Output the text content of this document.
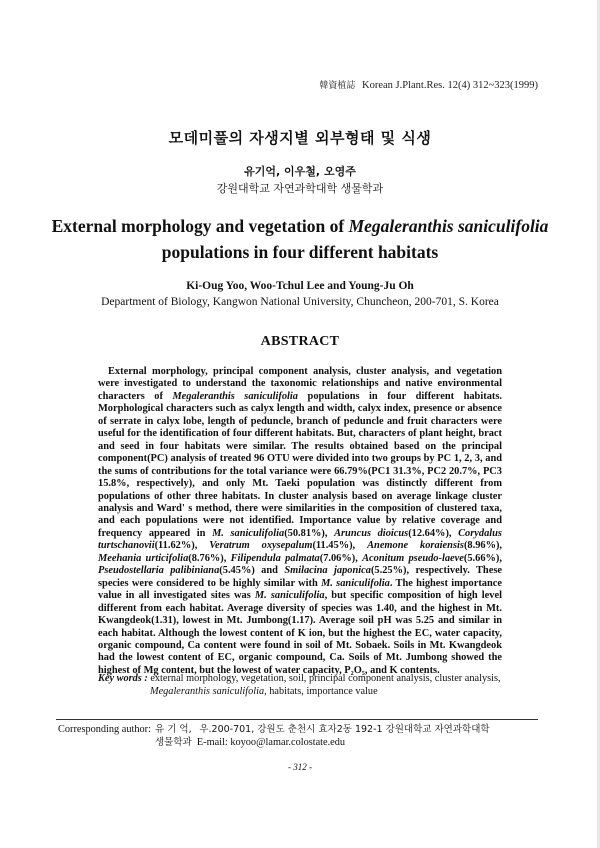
韓資植誌 Korean J.Plant.Res. 12(4) 312~323(1999)
모데미풀의 자생지별 외부형태 및 식생
유기억, 이우철, 오영주
강원대학교 자연과학대학 생물학과
External morphology and vegetation of Megaleranthis saniculifolia
populations in four different habitats
Ki-Oug Yoo, Woo-Tchul Lee and Young-Ju Oh
Department of Biology, Kangwon National University, Chuncheon, 200-701, S. Korea
ABSTRACT
External morphology, principal component analysis, cluster analysis, and vegetation were investigated to understand the taxonomic relationships and native environmental characters of Megaleranthis saniculifolia populations in four different habitats. Morphological characters such as calyx length and width, calyx index, presence or absence of serrate in calyx lobe, length of peduncle, branch of peduncle and fruit characters were useful for the identification of four different habitats. But, characters of plant height, bract and seed in four habitats were similar. The results obtained based on the principal component(PC) analysis of treated 96 OTU were divided into two groups by PC 1, 2, 3, and the sums of contributions for the total variance were 66.79%(PC1 31.3%, PC2 20.7%, PC3 15.8%, respectively), and only Mt. Taeki population was distinctly different from populations of other three habitats. In cluster analysis based on average linkage cluster analysis and Ward' s method, there were similarities in the composition of clustered taxa, and each populations were not identified. Importance value by relative coverage and frequency appeared in M. saniculifolia(50.81%), Aruncus dioicus(12.64%), Corydalus turtschanovii(11.62%), Veratrum oxysepalum(11.45%), Anemone koraiensis(8.96%), Meehania urticifolia(8.76%), Filipendula palmata(7.06%), Aconitum pseudo-laeve(5.66%), Pseudostellaria palibiniana(5.45%) and Smilacina japonica(5.25%), respectively. These species were considered to be highly similar with M. saniculifolia. The highest importance value in all investigated sites was M. saniculifolia, but specific composition of high level different from each habitat. Average diversity of species was 1.40, and the highest in Mt. Kwangdeok(1.31), lowest in Mt. Jumbong(1.17). Average soil pH was 5.25 and similar in each habitat. Although the lowest content of K ion, but the highest the EC, water capacity, organic compound, Ca content were found in soil of Mt. Sobaek. Soils in Mt. Kwangdeok had the lowest content of EC, organic compound, Ca. Soils of Mt. Jumbong showed the highest of Mg content, but the lowest of water capacity, P₂O₅, and K contents.
Key words : external morphology, vegetation, soil, principal component analysis, cluster analysis,
Megaleranthis saniculifolia, habitats, importance value
Corresponding author: 유 기 억, 우.200-701, 강원도 춘천시 효자2동 192-1 강원대학교 자연과학대학
생물학과 E-mail: koyoo@lamar.colostate.edu
- 312 -
